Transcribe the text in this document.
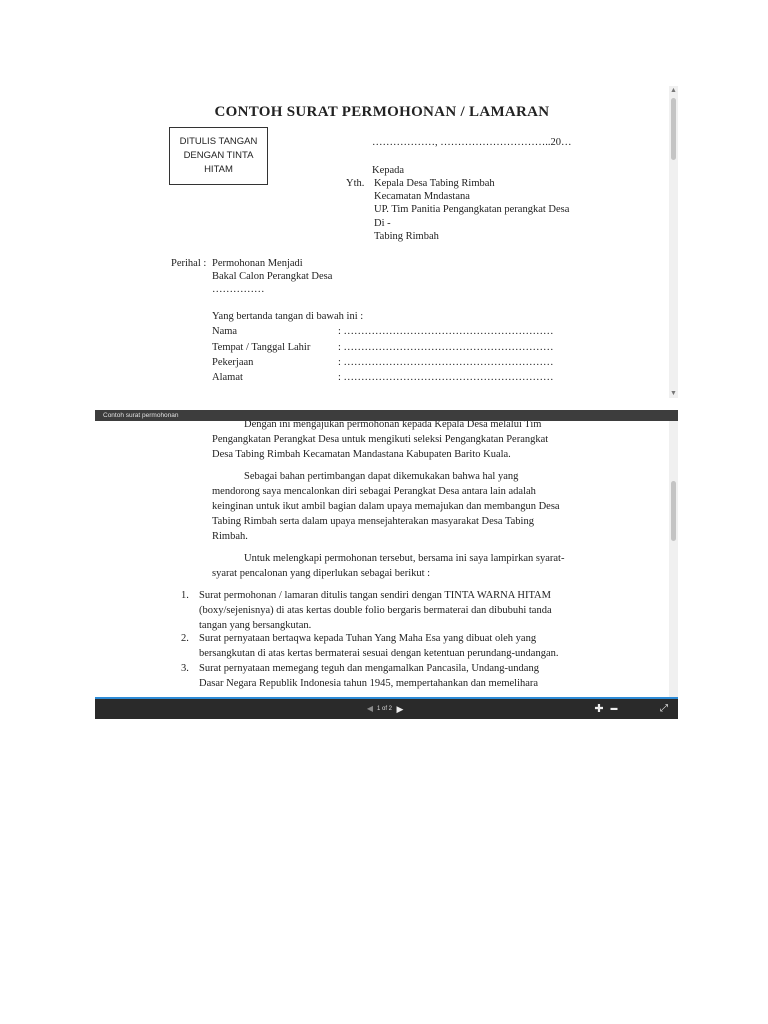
CONTOH SURAT PERMOHONAN / LAMARAN
DITULIS TANGAN
DENGAN TINTA
HITAM
………………, …………………………..20…
Kepada
Yth. Kepala Desa Tabing Rimbah
Kecamatan Mndastana
UP. Tim Panitia Pengangkatan perangkat Desa
Di -
Tabing Rimbah
Perihal : Permohonan Menjadi
Bakal Calon Perangkat Desa
……………
Yang bertanda tangan di bawah ini :
Nama	: ……………………………………………………
Tempat / Tanggal Lahir	: ……………………………………………………
Pekerjaan	: ……………………………………………………
Alamat	: ……………………………………………………
▲
▼
Contoh surat permohonan
Dengan ini mengajukan permohonan kepada Kepala Desa melalui Tim
Pengangkatan Perangkat Desa untuk mengikuti seleksi Pengangkatan Perangkat
Desa Tabing Rimbah Kecamatan Mandastana Kabupaten Barito Kuala.
Sebagai bahan pertimbangan dapat dikemukakan bahwa hal yang
mendorong saya mencalonkan diri sebagai Perangkat Desa antara lain adalah
keinginan untuk ikut ambil bagian dalam upaya memajukan dan membangun Desa
Tabing Rimbah serta dalam upaya mensejahterakan masyarakat Desa Tabing
Rimbah.
Untuk melengkapi permohonan tersebut, bersama ini saya lampirkan syarat-
syarat pencalonan yang diperlukan sebagai berikut :
1. Surat permohonan / lamaran ditulis tangan sendiri dengan TINTA WARNA HITAM
(boxy/sejenisnya) di atas kertas double folio bergaris bermaterai dan dibubuhi tanda
tangan yang bersangkutan.
2. Surat pernyataan bertaqwa kepada Tuhan Yang Maha Esa yang dibuat oleh yang
bersangkutan di atas kertas bermaterai sesuai dengan ketentuan perundang-undangan.
3. Surat pernyataan memegang teguh dan mengamalkan Pancasila, Undang-undang
Dasar Negara Republik Indonesia tahun 1945, mempertahankan dan memelihara
◀ 1 of 2 ▶	✚ ▬	⤢
